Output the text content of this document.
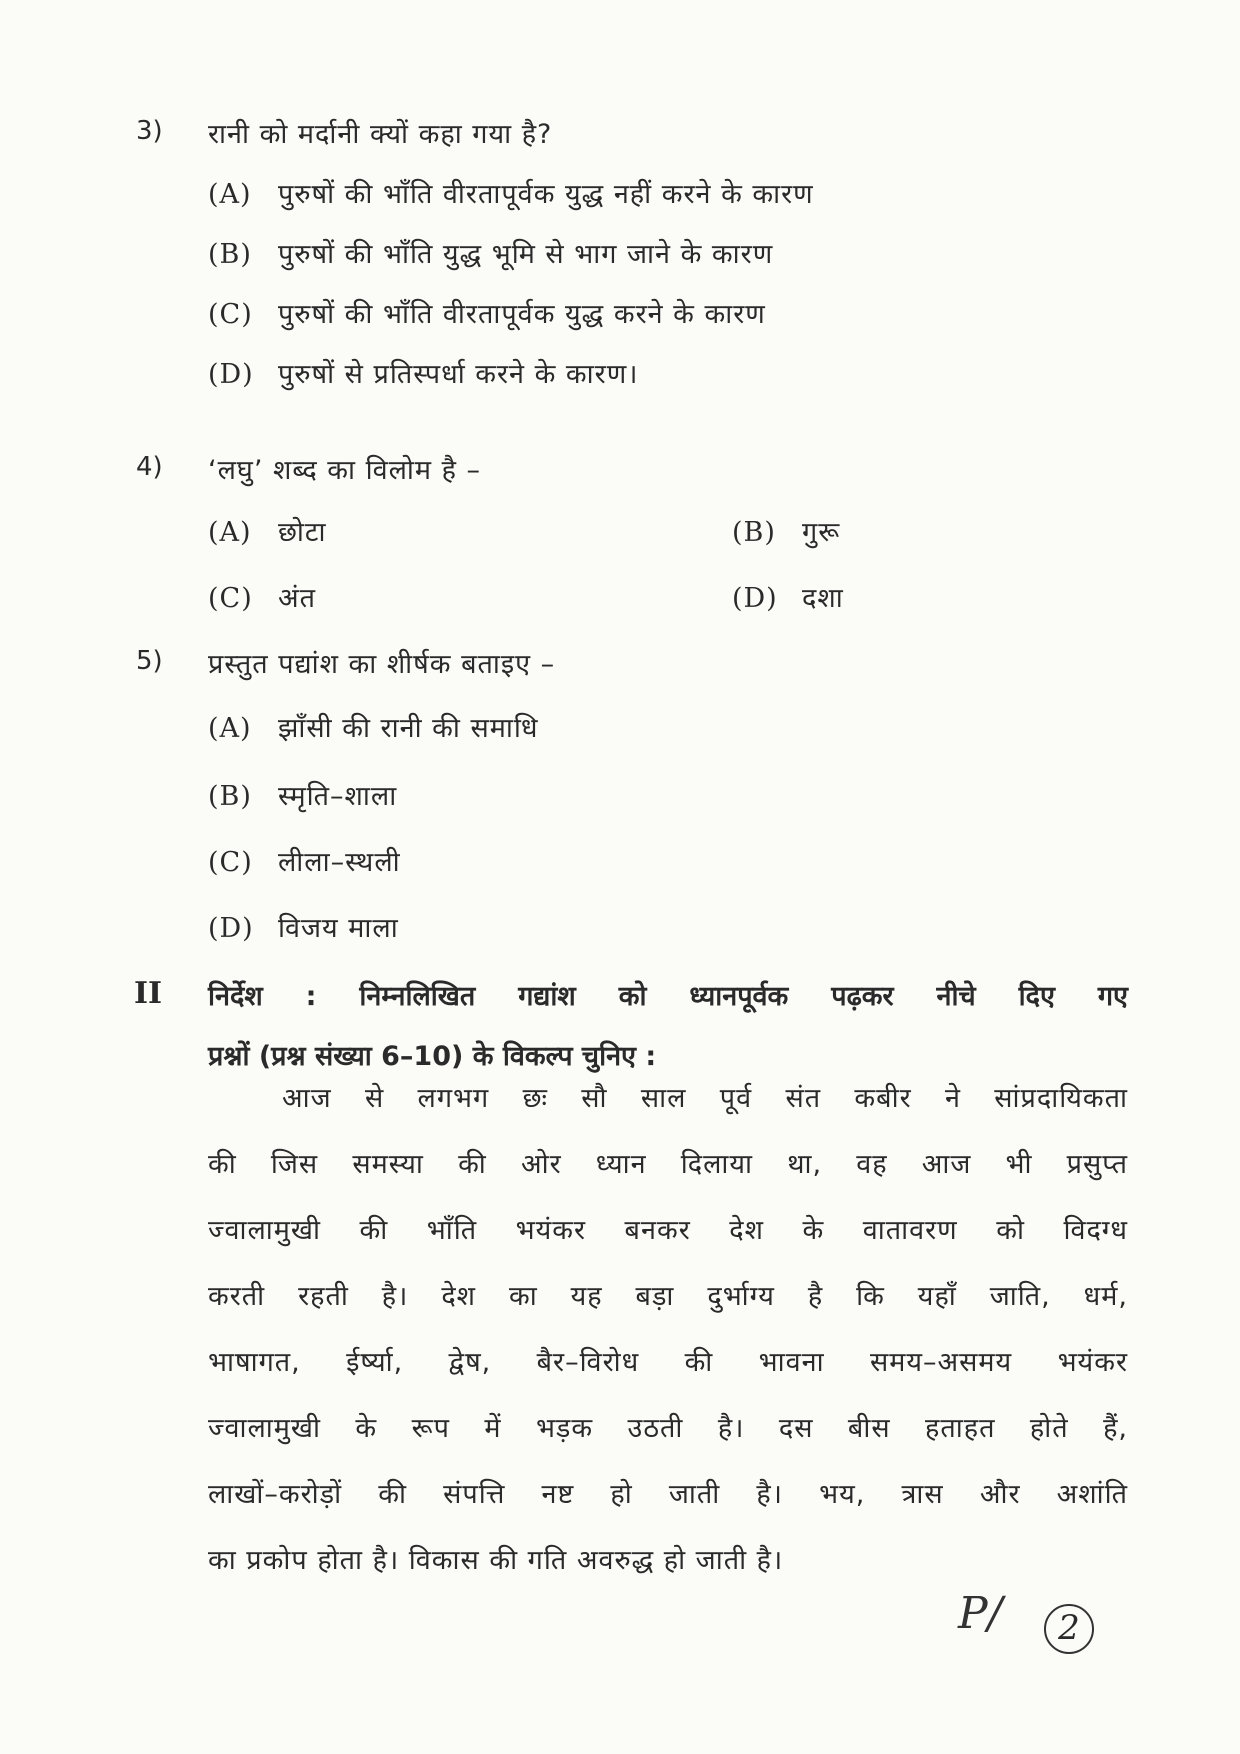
3) रानी को मर्दानी क्यों कहा गया है?
(A) पुरुषों की भाँति वीरतापूर्वक युद्ध नहीं करने के कारण
(B) पुरुषों की भाँति युद्ध भूमि से भाग जाने के कारण
(C) पुरुषों की भाँति वीरतापूर्वक युद्ध करने के कारण
(D) पुरुषों से प्रतिस्पर्धा करने के कारण।
4) ‘लघु’ शब्द का विलोम है –
(A) छोटा	(B) गुरू
(C) अंत	(D) दशा
5) प्रस्तुत पद्यांश का शीर्षक बताइए –
(A) झाँसी की रानी की समाधि
(B) स्मृति–शाला
(C) लीला–स्थली
(D) विजय माला
II निर्देश : निम्नलिखित गद्यांश को ध्यानपूर्वक पढ़कर नीचे दिए गए
प्रश्नों (प्रश्न संख्या 6–10) के विकल्प चुनिए :
आज से लगभग छः सौ साल पूर्व संत कबीर ने सांप्रदायिकता
की जिस समस्या की ओर ध्यान दिलाया था, वह आज भी प्रसुप्त
ज्वालामुखी की भाँति भयंकर बनकर देश के वातावरण को विदग्ध
करती रहती है। देश का यह बड़ा दुर्भाग्य है कि यहाँ जाति, धर्म,
भाषागत, ईर्ष्या, द्वेष, बैर–विरोध की भावना समय–असमय भयंकर
ज्वालामुखी के रूप में भड़क उठती है। दस बीस हताहत होते हैं,
लाखों–करोड़ों की संपत्ति नष्ट हो जाती है। भय, त्रास और अशांति
का प्रकोप होता है। विकास की गति अवरुद्ध हो जाती है।
P/	2
